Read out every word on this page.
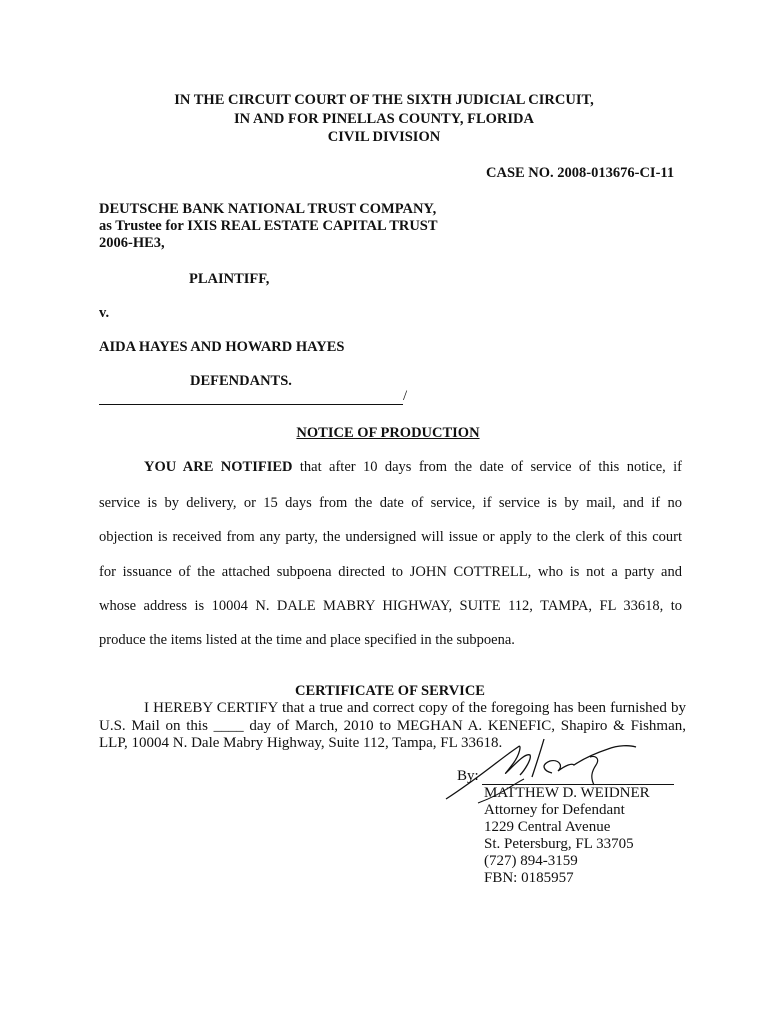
IN THE CIRCUIT COURT OF THE SIXTH JUDICIAL CIRCUIT,
IN AND FOR PINELLAS COUNTY, FLORIDA
CIVIL DIVISION
CASE NO. 2008-013676-CI-11
DEUTSCHE BANK NATIONAL TRUST COMPANY,
as Trustee for IXIS REAL ESTATE CAPITAL TRUST
2006-HE3,
PLAINTIFF,
v.
AIDA HAYES AND HOWARD HAYES
DEFENDANTS.
/
NOTICE OF PRODUCTION
YOU ARE NOTIFIED that after 10 days from the date of service of this notice, if
service is by delivery, or 15 days from the date of service, if service is by mail, and if no
objection is received from any party, the undersigned will issue or apply to the clerk of this court
for issuance of the attached subpoena directed to JOHN COTTRELL, who is not a party and
whose address is 10004 N. DALE MABRY HIGHWAY, SUITE 112, TAMPA, FL 33618, to
produce the items listed at the time and place specified in the subpoena.
CERTIFICATE OF SERVICE
I HEREBY CERTIFY that a true and correct copy of the foregoing has been furnished by
U.S. Mail on this ____ day of March, 2010 to MEGHAN A. KENEFIC, Shapiro & Fishman,
LLP, 10004 N. Dale Mabry Highway, Suite 112, Tampa, FL 33618.
By:
MATTHEW D. WEIDNER
Attorney for Defendant
1229 Central Avenue
St. Petersburg, FL 33705
(727) 894-3159
FBN: 0185957
